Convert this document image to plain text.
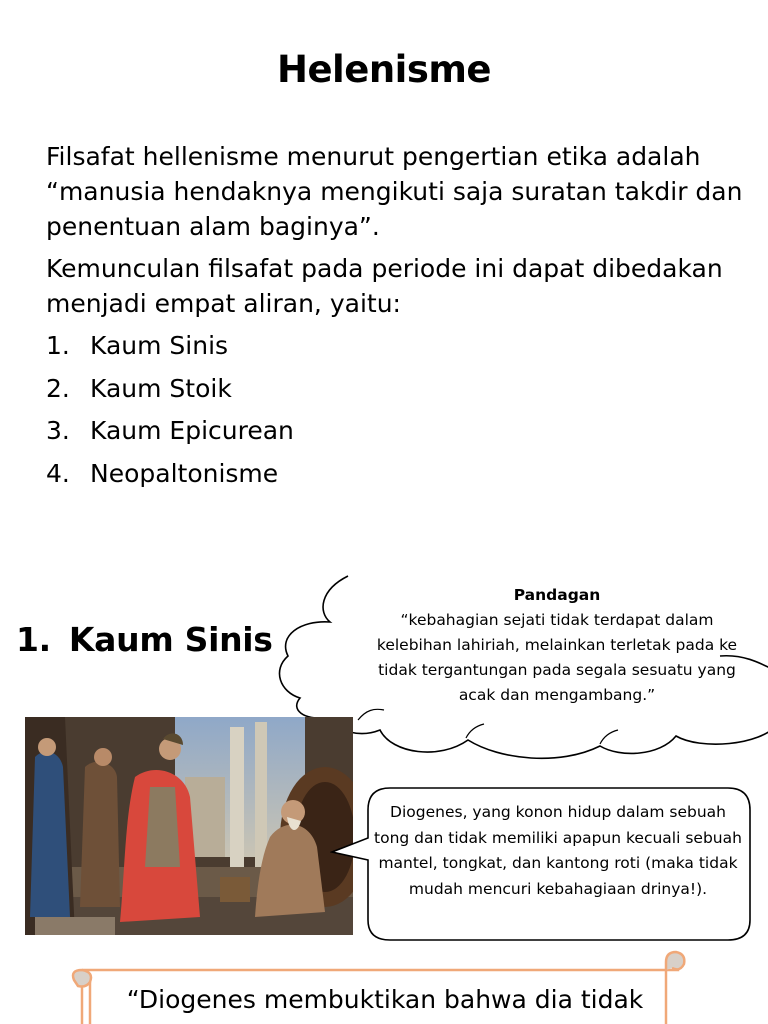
Helenisme

Filsafat hellenisme menurut pengertian etika adalah “manusia hendaknya mengikuti saja suratan takdir dan penentuan alam baginya”.

Kemunculan filsafat pada periode ini dapat dibedakan menjadi empat aliran, yaitu:

1. Kaum Sinis
2. Kaum Stoik
3. Kaum Epicurean
4. Neopaltonisme
1. Kaum Sinis
Pandagan
“kebahagian sejati tidak terdapat dalam kelebihan lahiriah, melainkan terletak pada ke tidak tergantungan pada segala sesuatu yang acak dan mengambang.”
Diogenes, yang konon hidup dalam sebuah tong dan tidak memiliki apapun kecuali sebuah mantel, tongkat, dan kantong roti (maka tidak mudah mencuri kebahagiaan drinya!).
“Diogenes membuktikan bahwa dia tidak
